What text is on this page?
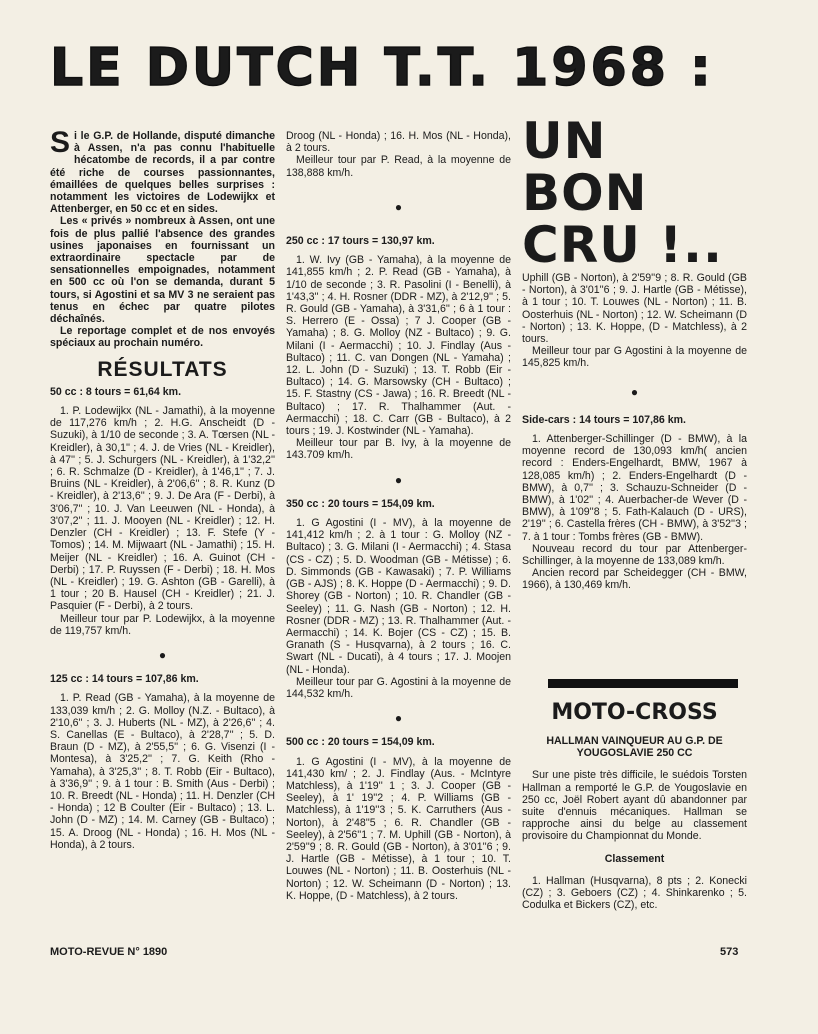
LE DUTCH T.T. 1968 :

Si le G.P. de Hollande, disputé dimanche à Assen, n'a pas connu l'habituelle hécatombe de records, il a par contre été riche de courses passionnantes, émaillées de quelques belles surprises : notamment les victoires de Lodewijkx et Attenberger, en 50 cc et en sides.

Les « privés » nombreux à Assen, ont une fois de plus pallié l'absence des grandes usines japonaises en fournissant un extraordinaire spectacle par de sensationnelles empoignades, notamment en 500 cc où l'on se demanda, durant 5 tours, si Agostini et sa MV 3 ne seraient pas tenus en échec par quatre pilotes déchaînés.

Le reportage complet et de nos envoyés spéciaux au prochain numéro.

RÉSULTATS
50 cc : 8 tours = 61,64 km.

1. P. Lodewijkx (NL - Jamathi), à la moyenne de 117,276 km/h ; 2. H.G. Anscheidt (D - Suzuki), à 1/10 de seconde ; 3. A. Tœrsen (NL - Kreidler), à 30,1'' ; 4. J. de Vries (NL - Kreidler), à 47'' ; 5. J. Schurgers (NL - Kreidler), à 1'32,2'' ; 6. R. Schmalze (D - Kreidler), à 1'46,1'' ; 7. J. Bruins (NL - Kreidler), à 2'06,6'' ; 8. R. Kunz (D - Kreidler), à 2'13,6'' ; 9. J. De Ara (F - Derbi), à 3'06,7'' ; 10. J. Van Leeuwen (NL - Honda), à 3'07,2'' ; 11. J. Mooyen (NL - Kreidler) ; 12. H. Denzler (CH - Kreidler) ; 13. F. Stefe (Y - Tomos) ; 14. M. Mijwaart (NL - Jamathi) ; 15. H. Meijer (NL - Kreidler) ; 16. A. Guinot (CH - Derbi) ; 17. P. Ruyssen (F - Derbi) ; 18. H. Mos (NL - Kreidler) ; 19. G. Ashton (GB - Garelli), à 1 tour ; 20 B. Hausel (CH - Kreidler) ; 21. J. Pasquier (F - Derbi), à 2 tours.

Meilleur tour par P. Lodewijkx, à la moyenne de 119,757 km/h.

●
125 cc : 14 tours = 107,86 km.

1. P. Read (GB - Yamaha), à la moyenne de 133,039 km/h ; 2. G. Molloy (N.Z. - Bultaco), à 2'10,6'' ; 3. J. Huberts (NL - MZ), à 2'26,6'' ; 4. S. Canellas (E - Bultaco), à 2'28,7'' ; 5. D. Braun (D - MZ), à 2'55,5'' ; 6. G. Visenzi (I - Montesa), à 3'25,2'' ; 7. G. Keith (Rho - Yamaha), à 3'25,3'' ; 8. T. Robb (Eir - Bultaco), à 3'36,9'' ; 9. à 1 tour : B. Smith (Aus - Derbi) ; 10. R. Breedt (NL - Honda) ; 11. H. Denzler (CH - Honda) ; 12 B Coulter (Eir - Bultaco) ; 13. L. John (D - MZ) ; 14. M. Carney (GB - Bultaco) ; 15. A. Droog (NL - Honda) ; 16. H. Mos (NL - Honda), à 2 tours.

Droog (NL - Honda) ; 16. H. Mos (NL - Honda), à 2 tours.

Meilleur tour par P. Read, à la moyenne de 138,888 km/h.

●
250 cc : 17 tours = 130,97 km.

1. W. Ivy (GB - Yamaha), à la moyenne de 141,855 km/h ; 2. P. Read (GB - Yamaha), à 1/10 de seconde ; 3. R. Pasolini (I - Benelli), à 1'43,3'' ; 4. H. Rosner (DDR - MZ), à 2'12,9'' ; 5. R. Gould (GB - Yamaha), à 3'31,6'' ; 6 à 1 tour : S. Herrero (E - Ossa) ; 7 J. Cooper (GB - Yamaha) ; 8. G. Molloy (NZ - Bultaco) ; 9. G. Milani (I - Aermacchi) ; 10. J. Findlay (Aus - Bultaco) ; 11. C. van Dongen (NL - Yamaha) ; 12. L. John (D - Suzuki) ; 13. T. Robb (Eir - Bultaco) ; 14. G. Marsowsky (CH - Bultaco) ; 15. F. Stastny (CS - Jawa) ; 16. R. Breedt (NL - Bultaco) ; 17. R. Thalhammer (Aut. - Aermacchi) ; 18. C. Carr (GB - Bultaco), à 2 tours ; 19. J. Kostwinder (NL - Yamaha).

Meilleur tour par B. Ivy, à la moyenne de 143.709 km/h.

●
350 cc : 20 tours = 154,09 km.

1. G Agostini (I - MV), à la moyenne de 141,412 km/h ; 2. à 1 tour : G. Molloy (NZ - Bultaco) ; 3. G. Milani (I - Aermacchi) ; 4. Stasa (CS - CZ) ; 5. D. Woodman (GB - Métisse) ; 6. D. Simmonds (GB - Kawasaki) ; 7. P. Williams (GB - AJS) ; 8. K. Hoppe (D - Aermacchi) ; 9. D. Shorey (GB - Norton) ; 10. R. Chandler (GB - Seeley) ; 11. G. Nash (GB - Norton) ; 12. H. Rosner (DDR - MZ) ; 13. R. Thalhammer (Aut. - Aermacchi) ; 14. K. Bojer (CS - CZ) ; 15. B. Granath (S - Husqvarna), à 2 tours ; 16. C. Swart (NL - Ducati), à 4 tours ; 17. J. Moojen (NL - Honda).

Meilleur tour par G. Agostini à la moyenne de 144,532 km/h.

●
500 cc : 20 tours = 154,09 km.

1. G Agostini (I - MV), à la moyenne de 141,430 km/ ; 2. J. Findlay (Aus. - McIntyre Matchless), à 1'19'' 1 ; 3. J. Cooper (GB - Seeley), à 1' 19''2 ; 4. P. Williams (GB - Matchless), à 1'19''3 ; 5. K. Carruthers (Aus - Norton), à 2'48''5 ; 6. R. Chandler (GB - Seeley), à 2'56''1 ; 7. M. Uphill (GB - Norton), à 2'59''9 ; 8. R. Gould (GB - Norton), à 3'01''6 ; 9. J. Hartle (GB - Métisse), à 1 tour ; 10. T. Louwes (NL - Norton) ; 11. B. Oosterhuis (NL - Norton) ; 12. W. Scheimann (D - Norton) ; 13. K. Hoppe, (D - Matchless), à 2 tours.

UN
BON
CRU !..

Uphill (GB - Norton), à 2'59''9 ; 8. R. Gould (GB - Norton), à 3'01''6 ; 9. J. Hartle (GB - Métisse), à 1 tour ; 10. T. Louwes (NL - Norton) ; 11. B. Oosterhuis (NL - Norton) ; 12. W. Scheimann (D - Norton) ; 13. K. Hoppe, (D - Matchless), à 2 tours.

Meilleur tour par G Agostini à la moyenne de 145,825 km/h.

●
Side-cars : 14 tours = 107,86 km.

1. Attenberger-Schillinger (D - BMW), à la moyenne record de 130,093 km/h( ancien record : Enders-Engelhardt, BMW, 1967 à 128,085 km/h) ; 2. Enders-Engelhardt (D - BMW), à 0,7'' ; 3. Schauzu-Schneider (D - BMW), à 1'02'' ; 4. Auerbacher-de Wever (D - BMW), à 1'09''8 ; 5. Fath-Kalauch (D - URS), 2'19'' ; 6. Castella frères (CH - BMW), à 3'52''3 ; 7. à 1 tour : Tombs frères (GB - BMW).

Nouveau record du tour par Attenberger-Schillinger, à la moyenne de 133,089 km/h.

Ancien record par Scheidegger (CH - BMW, 1966), à 130,469 km/h.

MOTO-CROSS
HALLMAN VAINQUEUR AU G.P. DE YOUGOSLAVIE 250 CC

Sur une piste très difficile, le suédois Torsten Hallman a remporté le G.P. de Yougoslavie en 250 cc, Joël Robert ayant dû abandonner par suite d'ennuis mécaniques. Hallman se rapproche ainsi du belge au classement provisoire du Championnat du Monde.

Classement

1. Hallman (Husqvarna), 8 pts ; 2. Konecki (CZ) ; 3. Geboers (CZ) ; 4. Shinkarenko ; 5. Codulka et Bickers (CZ), etc.

MOTO-REVUE N° 1890	573
